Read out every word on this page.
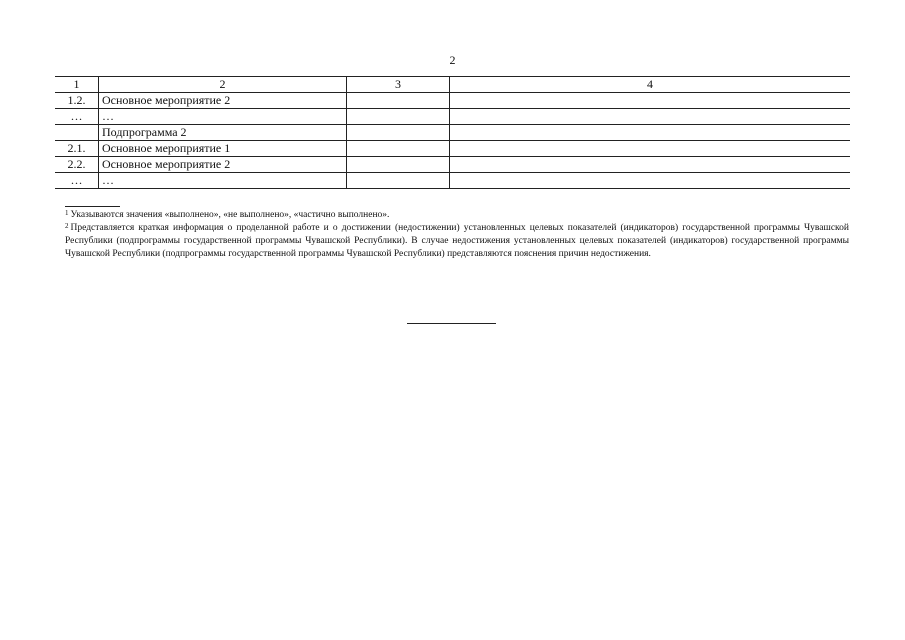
2
1	2	3	4
1.2.	Основное мероприятие 2		
…	…		
	Подпрограмма 2		
2.1.	Основное мероприятие 1		
2.2.	Основное мероприятие 2		
…	…		

$^1$ Указываются значения «выполнено», «не выполнено», «частично выполнено».

$^2$ Представляется краткая информация о проделанной работе и о достижении (недостижении) установленных целевых показателей (индикаторов) государственной программы Чувашской Республики (подпрограммы государственной программы Чувашской Республики). В случае недостижения установленных целевых показателей (индикаторов) государственной программы Чувашской Республики (подпрограммы государственной программы Чувашской Республики) представляются пояснения причин недостижения.
